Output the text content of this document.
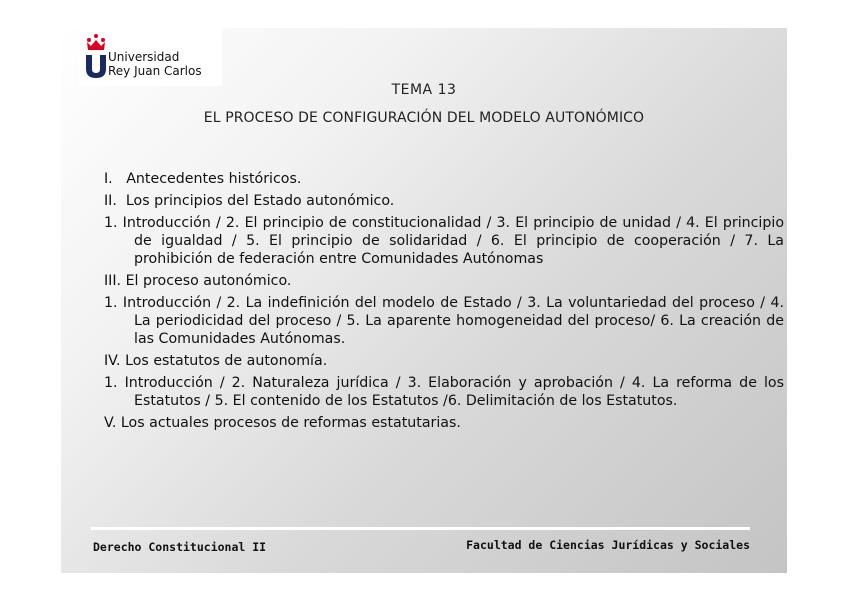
Universidad
Rey Juan Carlos
TEMA 13
EL PROCESO DE CONFIGURACIÓN DEL MODELO AUTONÓMICO
I.   Antecedentes históricos.
II.  Los principios del Estado autonómico.
1. Introducción / 2. El principio de constitucionalidad / 3. El principio de unidad / 4. El principio de igualdad / 5. El principio de solidaridad / 6. El principio de cooperación / 7. La prohibición de federación entre Comunidades Autónomas
III. El proceso autonómico.
1. Introducción / 2. La indefinición del modelo de Estado / 3. La voluntariedad del proceso / 4. La periodicidad del proceso / 5. La aparente homogeneidad del proceso/ 6. La creación de las Comunidades Autónomas.
IV. Los estatutos de autonomía.
1. Introducción / 2. Naturaleza jurídica / 3. Elaboración y aprobación / 4. La reforma de los Estatutos / 5. El contenido de los Estatutos /6. Delimitación de los Estatutos.
V. Los actuales procesos de reformas estatutarias.
Derecho Constitucional II	Facultad de Ciencias Jurídicas y Sociales
